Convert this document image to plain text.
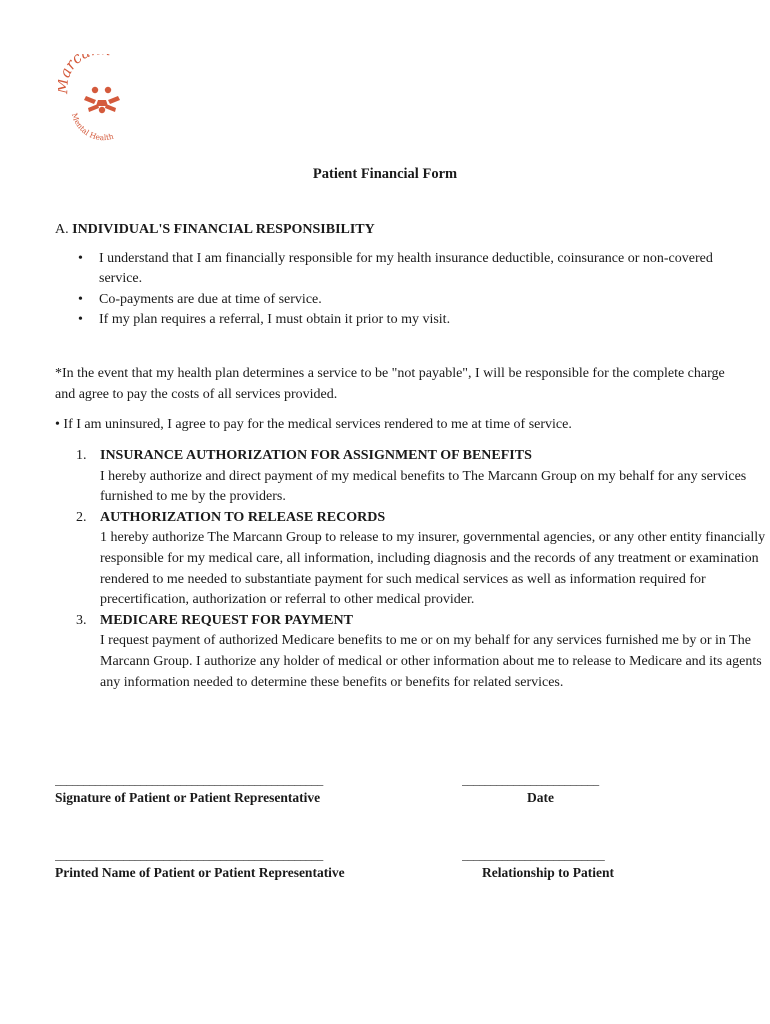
rc
Mental Health
Patient Financial Form
A. INDIVIDUAL'S FINANCIAL RESPONSIBILITY
• I understand that I am financially responsible for my health insurance deductible, coinsurance or non-covered service.
• Co-payments are due at time of service.
• If my plan requires a referral, I must obtain it prior to my visit.
*In the event that my health plan determines a service to be "not payable", I will be responsible for the complete charge and agree to pay the costs of all services provided.
• If I am uninsured, I agree to pay for the medical services rendered to me at time of service.
1. INSURANCE AUTHORIZATION FOR ASSIGNMENT OF BENEFITS
I hereby authorize and direct payment of my medical benefits to The Marcann Group on my behalf for any services furnished to me by the providers.
2. AUTHORIZATION TO RELEASE RECORDS
1 hereby authorize The Marcann Group to release to my insurer, governmental agencies, or any other entity financially responsible for my medical care, all information, including diagnosis and the records of any treatment or examination rendered to me needed to substantiate payment for such medical services as well as information required for precertification, authorization or referral to other medical provider.
3. MEDICARE REQUEST FOR PAYMENT
I request payment of authorized Medicare benefits to me or on my behalf for any services furnished me by or in The Marcann Group. I authorize any holder of medical or other information about me to release to Medicare and its agents any information needed to determine these benefits or benefits for related services.
_______________________________________________	________________________
Signature of Patient or Patient Representative	Date
_______________________________________________	_________________________
Printed Name of Patient or Patient Representative	Relationship to Patient
